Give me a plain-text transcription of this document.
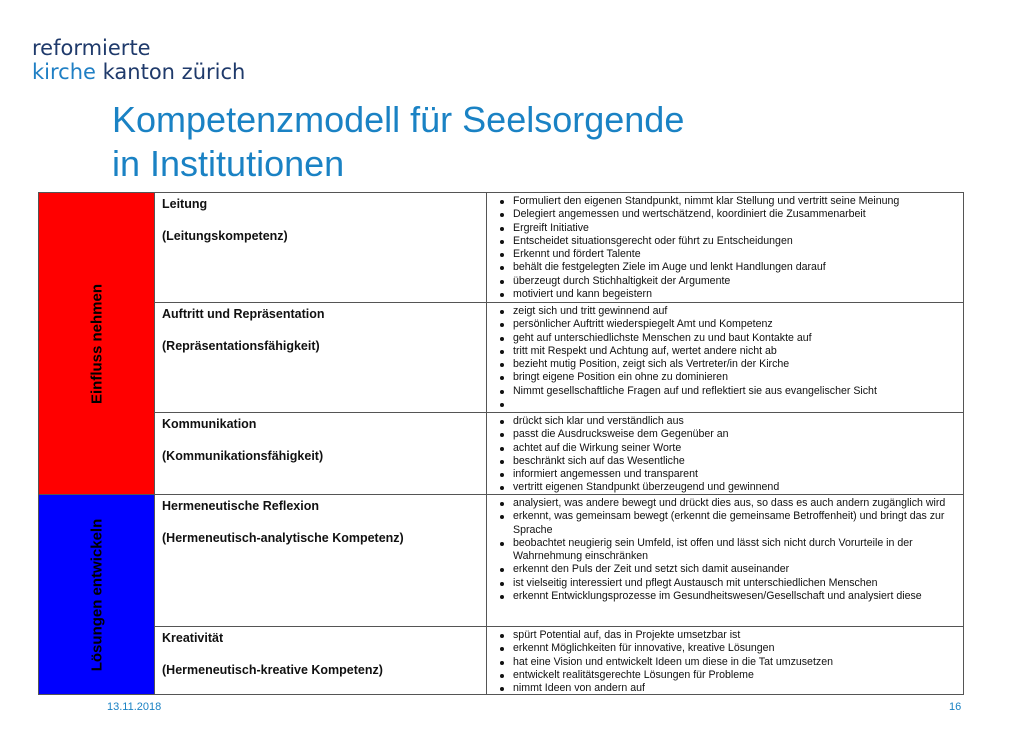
reformierte
kirche kanton zürich
Kompetenzmodell für Seelsorgende
in Institutionen
Einfluss nehmen
Lösungen entwickeln
Leitung
(Leitungskompetenz)
Formuliert den eigenen Standpunkt, nimmt klar Stellung und vertritt seine Meinung
Delegiert angemessen und wertschätzend, koordiniert die Zusammenarbeit
Ergreift Initiative
Entscheidet situationsgerecht oder führt zu Entscheidungen
Erkennt und fördert Talente
behält die festgelegten Ziele im Auge und lenkt Handlungen darauf
überzeugt durch Stichhaltigkeit der Argumente
motiviert und kann begeistern
Auftritt und Repräsentation
(Repräsentationsfähigkeit)
zeigt sich und tritt gewinnend auf
persönlicher Auftritt wiederspiegelt Amt und Kompetenz
geht auf unterschiedlichste Menschen zu und baut Kontakte auf
tritt mit Respekt und Achtung auf, wertet andere nicht ab
bezieht mutig Position, zeigt sich als Vertreter/in der Kirche
bringt eigene Position ein ohne zu dominieren
Nimmt gesellschaftliche Fragen auf und reflektiert sie aus evangelischer Sicht
Kommunikation
(Kommunikationsfähigkeit)
drückt sich klar und verständlich aus
passt die Ausdrucksweise dem Gegenüber an
achtet auf die Wirkung seiner Worte
beschränkt sich auf das Wesentliche
informiert angemessen und transparent
vertritt eigenen Standpunkt überzeugend und gewinnend
Hermeneutische Reflexion
(Hermeneutisch-analytische Kompetenz)
analysiert, was andere bewegt und drückt dies aus, so dass es auch andern zugänglich wird
erkennt, was gemeinsam bewegt (erkennt die gemeinsame Betroffenheit) und bringt das zur Sprache
beobachtet neugierig sein Umfeld, ist offen und lässt sich nicht durch Vorurteile in der Wahrnehmung einschränken
erkennt den Puls der Zeit und setzt sich damit auseinander
ist vielseitig interessiert und pflegt Austausch mit unterschiedlichen Menschen
erkennt Entwicklungsprozesse im Gesundheitswesen/Gesellschaft und analysiert diese
Kreativität
(Hermeneutisch-kreative Kompetenz)
spürt Potential auf, das in Projekte umsetzbar ist
erkennt Möglichkeiten für innovative, kreative Lösungen
hat eine Vision und entwickelt Ideen um diese in die Tat umzusetzen
entwickelt realitätsgerechte Lösungen für Probleme
nimmt Ideen von andern auf
13.11.2018	16
